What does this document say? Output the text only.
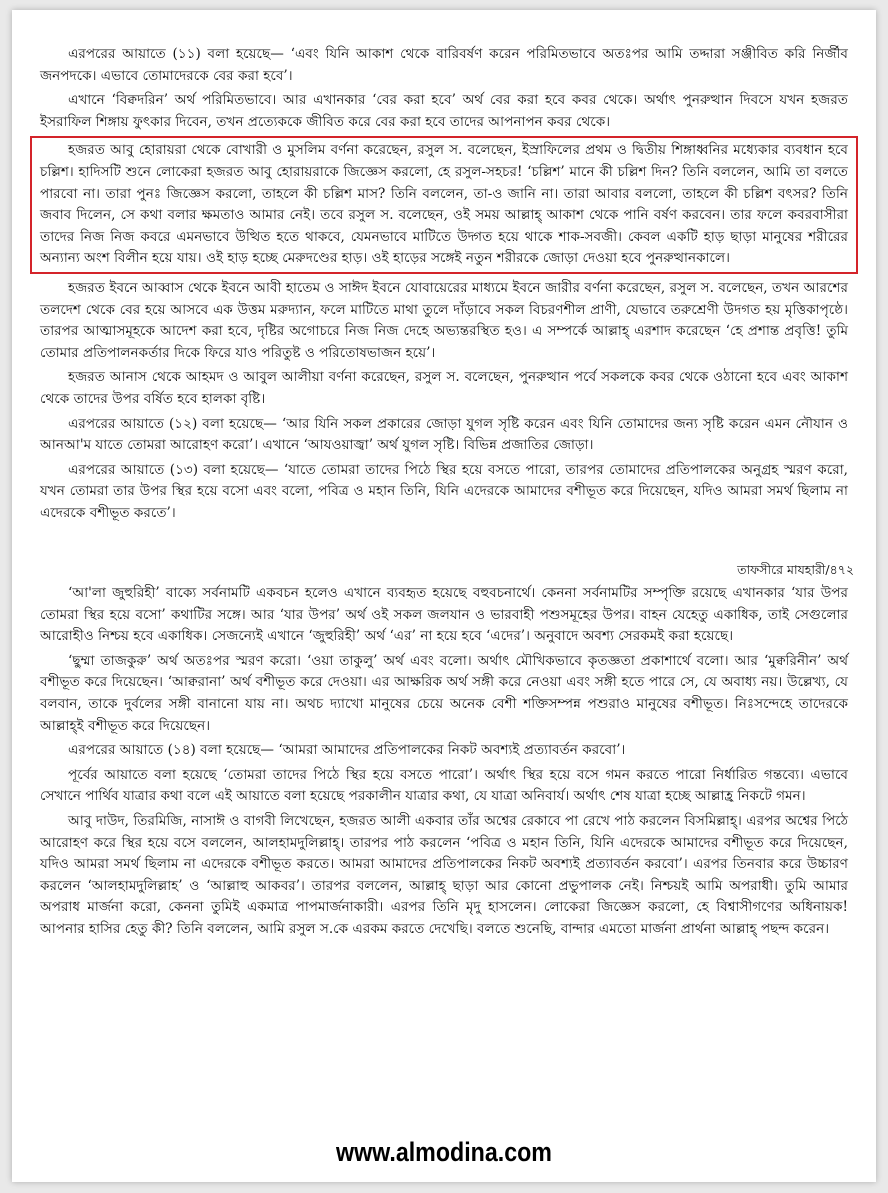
এরপরের আয়াতে (১১) বলা হয়েছে— ‘এবং যিনি আকাশ থেকে বারিবর্ষণ করেন পরিমিতভাবে অতঃপর আমি তদ্দারা সঞ্জীবিত করি নির্জীব জনপদকে। এভাবে তোমাদেরকে বের করা হবে’।

এখানে ‘বিক্বদরিন’ অর্থ পরিমিতভাবে। আর এখানকার ‘বের করা হবে’ অর্থ বের করা হবে কবর থেকে। অর্থাৎ পুনরুত্থান দিবসে যখন হজরত ইসরাফিল শিঙ্গায় ফুৎকার দিবেন, তখন প্রত্যেককে জীবিত করে বের করা হবে তাদের আপনাপন কবর থেকে।

হজরত আবু হোরায়রা থেকে বোখারী ও মুসলিম বর্ণনা করেছেন, রসুল স. বলেছেন, ইস্রাফিলের প্রথম ও দ্বিতীয় শিঙ্গাধ্বনির মধ্যেকার ব্যবধান হবে চল্লিশ। হাদিসটি শুনে লোকেরা হজরত আবু হোরায়রাকে জিজ্ঞেস করলো, হে রসুল-সহচর! ‘চল্লিশ’ মানে কী চল্লিশ দিন? তিনি বললেন, আমি তা বলতে পারবো না। তারা পুনঃ জিজ্ঞেস করলো, তাহলে কী চল্লিশ মাস? তিনি বললেন, তা-ও জানি না। তারা আবার বললো, তাহলে কী চল্লিশ বৎসর? তিনি জবাব দিলেন, সে কথা বলার ক্ষমতাও আমার নেই। তবে রসুল স. বলেছেন, ওই সময় আল্লাহ্ আকাশ থেকে পানি বর্ষণ করবেন। তার ফলে কবরবাসীরা তাদের নিজ নিজ কবরে এমনভাবে উত্থিত হতে থাকবে, যেমনভাবে মাটিতে উদ্গত হয়ে থাকে শাক-সবজী। কেবল একটি হাড় ছাড়া মানুষের শরীরের অন্যান্য অংশ বিলীন হয়ে যায়। ওই হাড় হচ্ছে মেরুদণ্ডের হাড়। ওই হাড়ের সঙ্গেই নতুন শরীরকে জোড়া দেওয়া হবে পুনরুত্থানকালে।

হজরত ইবনে আব্বাস থেকে ইবনে আবী হাতেম ও সাঈদ ইবনে যোবায়েরের মাধ্যমে ইবনে জারীর বর্ণনা করেছেন, রসুল স. বলেছেন, তখন আরশের তলদেশ থেকে বের হয়ে আসবে এক উত্তম মরুদ্যান, ফলে মাটিতে মাথা তুলে দাঁড়াবে সকল বিচরণশীল প্রাণী, যেভাবে তরুশ্রেণী উদগত হয় মৃত্তিকাপৃষ্ঠে। তারপর আত্মাসমূহকে আদেশ করা হবে, দৃষ্টির অগোচরে নিজ নিজ দেহে অভ্যন্তরস্থিত হও। এ সম্পর্কে আল্লাহ্ এরশাদ করেছেন ‘হে প্রশান্ত প্রবৃত্তি! তুমি তোমার প্রতিপালনকর্তার দিকে ফিরে যাও পরিতুষ্ট ও পরিতোষভাজন হয়ে’।

হজরত আনাস থেকে আহমদ ও আবুল আলীয়া বর্ণনা করেছেন, রসুল স. বলেছেন, পুনরুত্থান পর্বে সকলকে কবর থেকে ওঠানো হবে এবং আকাশ থেকে তাদের উপর বর্ষিত হবে হালকা বৃষ্টি।

এরপরের আয়াতে (১২) বলা হয়েছে— ‘আর যিনি সকল প্রকারের জোড়া যুগল সৃষ্টি করেন এবং যিনি তোমাদের জন্য সৃষ্টি করেন এমন নৌযান ও আনআ'ম যাতে তোমরা আরোহণ করো’। এখানে ‘আযওয়াজ্বা’ অর্থ যুগল সৃষ্টি। বিভিন্ন প্রজাতির জোড়া।

এরপরের আয়াতে (১৩) বলা হয়েছে— ‘যাতে তোমরা তাদের পিঠে স্থির হয়ে বসতে পারো, তারপর তোমাদের প্রতিপালকের অনুগ্রহ স্মরণ করো, যখন তোমরা তার উপর স্থির হয়ে বসো এবং বলো, পবিত্র ও মহান তিনি, যিনি এদেরকে আমাদের বশীভূত করে দিয়েছেন, যদিও আমরা সমর্থ ছিলাম না এদেরকে বশীভূত করতে’।

তাফসীরে মাযহারী/৪৭২

‘আ'লা জুহুরিহী’ বাক্যে সর্বনামটি একবচন হলেও এখানে ব্যবহৃত হয়েছে বহুবচনার্থে। কেননা সর্বনামটির সম্পৃক্তি রয়েছে এখানকার ‘যার উপর তোমরা স্থির হয়ে বসো’ কথাটির সঙ্গে। আর ‘যার উপর’ অর্থ ওই সকল জলযান ও ভারবাহী পশুসমূহের উপর। বাহন যেহেতু একাধিক, তাই সেগুলোর আরোহীও নিশ্চয় হবে একাধিক। সেজন্যেই এখানে ‘জুহুরিহী’ অর্থ ‘এর’ না হয়ে হবে ‘এদের’। অনুবাদে অবশ্য সেরকমই করা হয়েছে।

‘ছুম্মা তাজকুরু’ অর্থ অতঃপর স্মরণ করো। ‘ওয়া তাকুলু’ অর্থ এবং বলো। অর্থাৎ মৌখিকভাবে কৃতজ্ঞতা প্রকাশার্থে বলো। আর ‘মুক্বরিনীন’ অর্থ বশীভূত করে দিয়েছেন। ‘আক্বরানা’ অর্থ বশীভূত করে দেওয়া। এর আক্ষরিক অর্থ সঙ্গী করে নেওয়া এবং সঙ্গী হতে পারে সে, যে অবাধ্য নয়। উল্লেখ্য, যে বলবান, তাকে দুর্বলের সঙ্গী বানানো যায় না। অথচ দ্যাখো মানুষের চেয়ে অনেক বেশী শক্তিসম্পন্ন পশুরাও মানুষের বশীভূত। নিঃসন্দেহে তাদেরকে আল্লাহ্ই বশীভূত করে দিয়েছেন।

এরপরের আয়াতে (১৪) বলা হয়েছে— ‘আমরা আমাদের প্রতিপালকের নিকট অবশ্যই প্রত্যাবর্তন করবো’।

পূর্বের আয়াতে বলা হয়েছে ‘তোমরা তাদের পিঠে স্থির হয়ে বসতে পারো’। অর্থাৎ স্থির হয়ে বসে গমন করতে পারো নির্ধারিত গন্তব্যে। এভাবে সেখানে পার্থিব যাত্রার কথা বলে এই আয়াতে বলা হয়েছে পরকালীন যাত্রার কথা, যে যাত্রা অনিবার্য। অর্থাৎ শেষ যাত্রা হচ্ছে আল্লাহ্র নিকটে গমন।

আবু দাউদ, তিরমিজি, নাসাঈ ও বাগবী লিখেছেন, হজরত আলী একবার তাঁর অশ্বের রেকাবে পা রেখে পাঠ করলেন বিসমিল্লাহ্। এরপর অশ্বের পিঠে আরোহণ করে স্থির হয়ে বসে বললেন, আলহামদুলিল্লাহ্। তারপর পাঠ করলেন ‘পবিত্র ও মহান তিনি, যিনি এদেরকে আমাদের বশীভূত করে দিয়েছেন, যদিও আমরা সমর্থ ছিলাম না এদেরকে বশীভূত করতে। আমরা আমাদের প্রতিপালকের নিকট অবশ্যই প্রত্যাবর্তন করবো’। এরপর তিনবার করে উচ্চারণ করলেন ‘আলহামদুলিল্লাহ’ ও ‘আল্লাহু আকবর’। তারপর বললেন, আল্লাহ্ ছাড়া আর কোনো প্রভুপালক নেই। নিশ্চয়ই আমি অপরাধী। তুমি আমার অপরাধ মার্জনা করো, কেননা তুমিই একমাত্র পাপমার্জনাকারী। এরপর তিনি মৃদু হাসলেন। লোকেরা জিজ্ঞেস করলো, হে বিশ্বাসীগণের অধিনায়ক! আপনার হাসির হেতু কী? তিনি বললেন, আমি রসুল স.কে এরকম করতে দেখেছি। বলতে শুনেছি, বান্দার এমতো মার্জনা প্রার্থনা আল্লাহ্ পছন্দ করেন।

www.almodina.com
